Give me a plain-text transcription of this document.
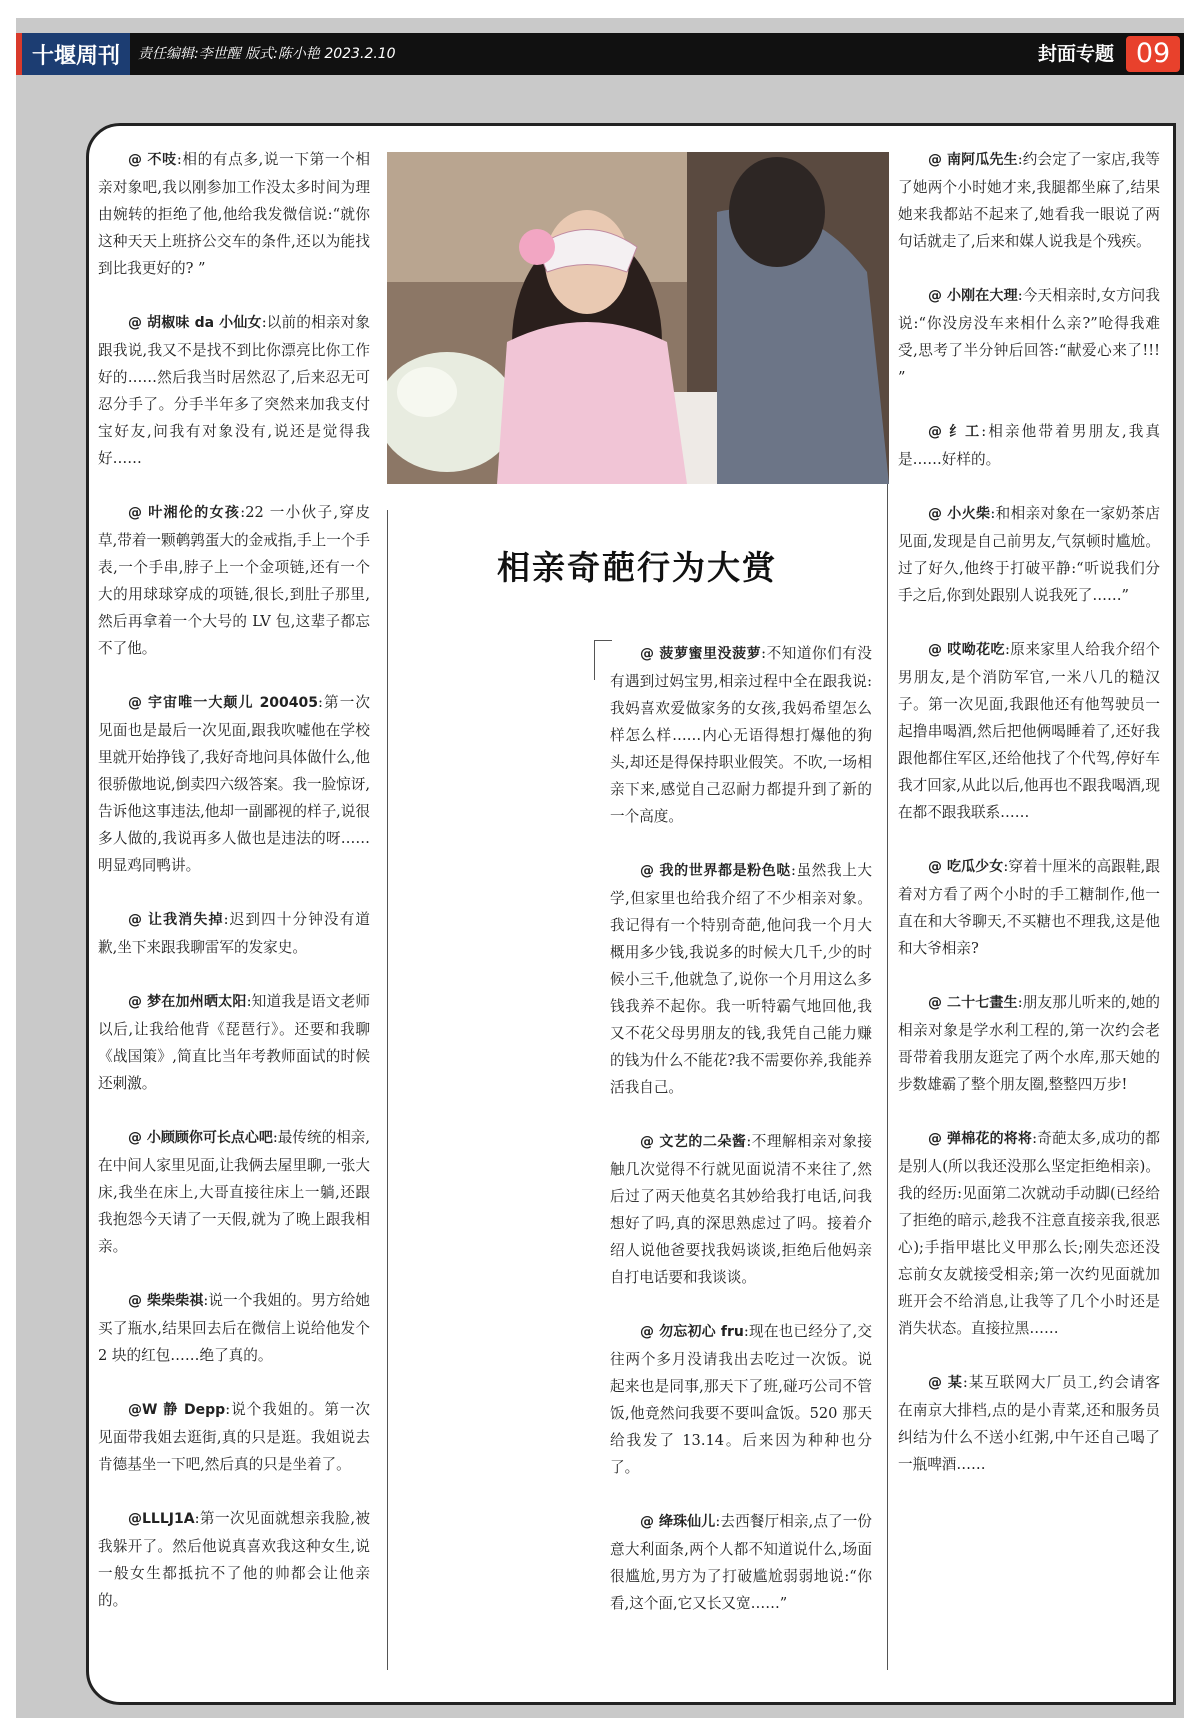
十堰周刊	责任编辑:李世醒 版式:陈小艳 2023.2.10	封面专题 09
相亲奇葩行为大赏

@ 不吱:相的有点多,说一下第一个相亲对象吧,我以刚参加工作没太多时间为理由婉转的拒绝了他,他给我发微信说:“就你这种天天上班挤公交车的条件,还以为能找到比我更好的? ”

@ 胡椒味 da 小仙女:以前的相亲对象跟我说,我又不是找不到比你漂亮比你工作好的……然后我当时居然忍了,后来忍无可忍分手了。分手半年多了突然来加我支付宝好友,问我有对象没有,说还是觉得我好……

@ 叶湘伦的女孩:22 一小伙子,穿皮草,带着一颗鹌鹑蛋大的金戒指,手上一个手表,一个手串,脖子上一个金项链,还有一个大的用球球穿成的项链,很长,到肚子那里,然后再拿着一个大号的 LV 包,这辈子都忘不了他。

@ 宇宙唯一大颠儿 200405:第一次见面也是最后一次见面,跟我吹嘘他在学校里就开始挣钱了,我好奇地问具体做什么,他很骄傲地说,倒卖四六级答案。我一脸惊讶,告诉他这事违法,他却一副鄙视的样子,说很多人做的,我说再多人做也是违法的呀……明显鸡同鸭讲。

@ 让我消失掉:迟到四十分钟没有道歉,坐下来跟我聊雷军的发家史。

@ 梦在加州晒太阳:知道我是语文老师以后,让我给他背《琵琶行》。还要和我聊《战国策》,简直比当年考教师面试的时候还刺激。

@ 小顾顾你可长点心吧:最传统的相亲,在中间人家里见面,让我俩去屋里聊,一张大床,我坐在床上,大哥直接往床上一躺,还跟我抱怨今天请了一天假,就为了晚上跟我相亲。

@ 柴柴柴祺:说一个我姐的。男方给她买了瓶水,结果回去后在微信上说给他发个 2 块的红包……绝了真的。

@W 静 Depp:说个我姐的。第一次见面带我姐去逛街,真的只是逛。我姐说去肯德基坐一下吧,然后真的只是坐着了。

@LLLJ1A:第一次见面就想亲我脸,被我躲开了。然后他说真喜欢我这种女生,说一般女生都抵抗不了他的帅都会让他亲的。

@ 菠萝蜜里没菠萝:不知道你们有没有遇到过妈宝男,相亲过程中全在跟我说:我妈喜欢爱做家务的女孩,我妈希望怎么样怎么样……内心无语得想打爆他的狗头,却还是得保持职业假笑。不吹,一场相亲下来,感觉自己忍耐力都提升到了新的一个高度。

@ 我的世界都是粉色哒:虽然我上大学,但家里也给我介绍了不少相亲对象。我记得有一个特别奇葩,他问我一个月大概用多少钱,我说多的时候大几千,少的时候小三千,他就急了,说你一个月用这么多钱我养不起你。我一听特霸气地回他,我又不花父母男朋友的钱,我凭自己能力赚的钱为什么不能花?我不需要你养,我能养活我自己。

@ 文艺的二朵酱:不理解相亲对象接触几次觉得不行就见面说清不来往了,然后过了两天他莫名其妙给我打电话,问我想好了吗,真的深思熟虑过了吗。接着介绍人说他爸要找我妈谈谈,拒绝后他妈亲自打电话要和我谈谈。

@ 勿忘初心 fru:现在也已经分了,交往两个多月没请我出去吃过一次饭。说起来也是同事,那天下了班,碰巧公司不管饭,他竟然问我要不要叫盒饭。520 那天给我发了 13.14。后来因为种种也分了。

@ 绛珠仙儿:去西餐厅相亲,点了一份意大利面条,两个人都不知道说什么,场面很尴尬,男方为了打破尴尬弱弱地说:“你看,这个面,它又长又宽……”

@ 南阿瓜先生:约会定了一家店,我等了她两个小时她才来,我腿都坐麻了,结果她来我都站不起来了,她看我一眼说了两句话就走了,后来和媒人说我是个残疾。

@ 小刚在大理:今天相亲时,女方问我说:“你没房没车来相什么亲?”呛得我难受,思考了半分钟后回答:“献爱心来了!!! ”

@ 纟工:相亲他带着男朋友,我真是……好样的。

@ 小火柴:和相亲对象在一家奶茶店见面,发现是自己前男友,气氛顿时尴尬。过了好久,他终于打破平静:“听说我们分手之后,你到处跟别人说我死了……”

@ 哎呦花吃:原来家里人给我介绍个男朋友,是个消防军官,一米八几的糙汉子。第一次见面,我跟他还有他驾驶员一起撸串喝酒,然后把他俩喝睡着了,还好我跟他都住军区,还给他找了个代驾,停好车我才回家,从此以后,他再也不跟我喝酒,现在都不跟我联系……

@ 吃瓜少女:穿着十厘米的高跟鞋,跟着对方看了两个小时的手工糖制作,他一直在和大爷聊天,不买糖也不理我,这是他和大爷相亲?

@ 二十七畫生:朋友那儿听来的,她的相亲对象是学水利工程的,第一次约会老哥带着我朋友逛完了两个水库,那天她的步数雄霸了整个朋友圈,整整四万步!

@ 弹棉花的将将:奇葩太多,成功的都是别人(所以我还没那么坚定拒绝相亲)。我的经历:见面第二次就动手动脚(已经给了拒绝的暗示,趁我不注意直接亲我,很恶心);手指甲堪比义甲那么长;刚失恋还没忘前女友就接受相亲;第一次约见面就加班开会不给消息,让我等了几个小时还是消失状态。直接拉黑……

@ 某:某互联网大厂员工,约会请客在南京大排档,点的是小青菜,还和服务员纠结为什么不送小红粥,中午还自己喝了一瓶啤酒……
